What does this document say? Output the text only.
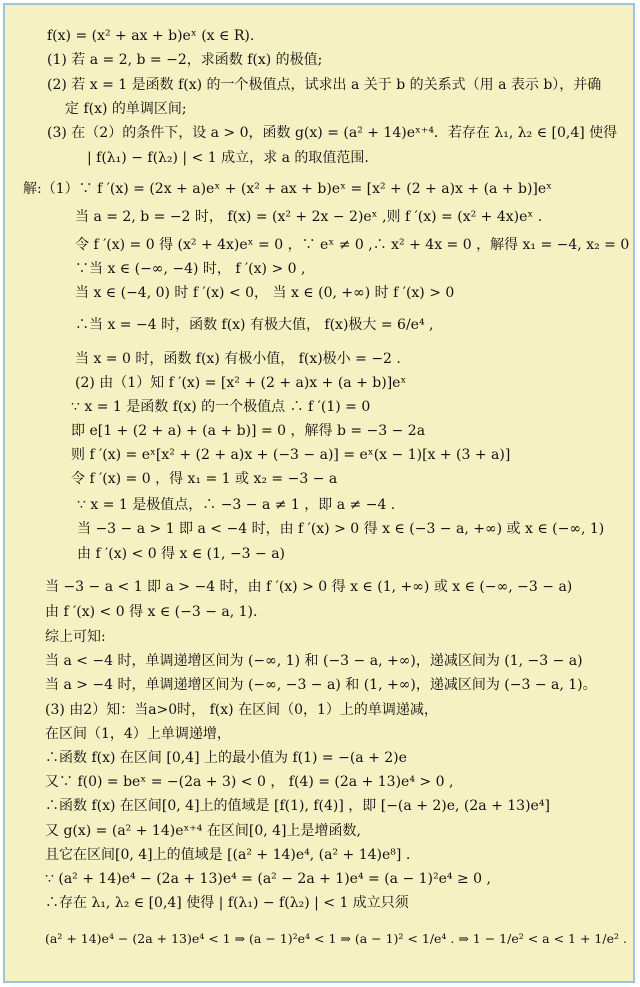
f(x) = (x² + ax + b)eˣ (x ∈ R).
(1) 若 a = 2, b = −2，求函数 f(x) 的极值;
(2) 若 x = 1 是函数 f(x) 的一个极值点，试求出 a 关于 b 的关系式（用 a 表示 b），并确
定 f(x) 的单调区间;
(3) 在（2）的条件下，设 a > 0，函数 g(x) = (a² + 14)eˣ⁺⁴．若存在 λ₁, λ₂ ∈ [0,4] 使得
| f(λ₁) − f(λ₂) | < 1 成立，求 a 的取值范围.
解:（1）∵ f ′(x) = (2x + a)eˣ + (x² + ax + b)eˣ = [x² + (2 + a)x + (a + b)]eˣ
当 a = 2, b = −2 时， f(x) = (x² + 2x − 2)eˣ ,则 f ′(x) = (x² + 4x)eˣ .
令 f ′(x) = 0 得 (x² + 4x)eˣ = 0 ，∵ eˣ ≠ 0 ,∴ x² + 4x = 0 ，解得 x₁ = −4, x₂ = 0
∵当 x ∈ (−∞, −4) 时， f ′(x) > 0 ,
当 x ∈ (−4, 0) 时 f ′(x) < 0， 当 x ∈ (0, +∞) 时 f ′(x) > 0
∴当 x = −4 时，函数 f(x) 有极大值， f(x)极大 = 6/e⁴ ,
当 x = 0 时，函数 f(x) 有极小值， f(x)极小 = −2 .
(2) 由（1）知 f ′(x) = [x² + (2 + a)x + (a + b)]eˣ
∵ x = 1 是函数 f(x) 的一个极值点 ∴ f ′(1) = 0
即 e[1 + (2 + a) + (a + b)] = 0 ，解得 b = −3 − 2a
则 f ′(x) = eˣ[x² + (2 + a)x + (−3 − a)] = eˣ(x − 1)[x + (3 + a)]
令 f ′(x) = 0 ，得 x₁ = 1 或 x₂ = −3 − a
∵ x = 1 是极值点，∴ −3 − a ≠ 1 ，即 a ≠ −4 .
当 −3 − a > 1 即 a < −4 时，由 f ′(x) > 0 得 x ∈ (−3 − a, +∞) 或 x ∈ (−∞, 1)
由 f ′(x) < 0 得 x ∈ (1, −3 − a)
当 −3 − a < 1 即 a > −4 时，由 f ′(x) > 0 得 x ∈ (1, +∞) 或 x ∈ (−∞, −3 − a)
由 f ′(x) < 0 得 x ∈ (−3 − a, 1).
综上可知:
当 a < −4 时，单调递增区间为 (−∞, 1) 和 (−3 − a, +∞)，递减区间为 (1, −3 − a)
当 a > −4 时，单调递增区间为 (−∞, −3 − a) 和 (1, +∞)，递减区间为 (−3 − a, 1)。
(3) 由2）知：当a>0时， f(x) 在区间（0，1）上的单调递减，
在区间（1，4）上单调递增，
∴函数 f(x) 在区间 [0,4] 上的最小值为 f(1) = −(a + 2)e
又∵ f(0) = beˣ = −(2a + 3) < 0 ， f(4) = (2a + 13)e⁴ > 0 ,
∴函数 f(x) 在区间[0, 4]上的值域是 [f(1), f(4)] ，即 [−(a + 2)e, (2a + 13)e⁴]
又 g(x) = (a² + 14)eˣ⁺⁴ 在区间[0, 4]上是增函数,
且它在区间[0, 4]上的值域是 [(a² + 14)e⁴, (a² + 14)e⁸] .
∵ (a² + 14)e⁴ − (2a + 13)e⁴ = (a² − 2a + 1)e⁴ = (a − 1)²e⁴ ≥ 0 ,
∴存在 λ₁, λ₂ ∈ [0,4] 使得 | f(λ₁) − f(λ₂) | < 1 成立只须
(a² + 14)e⁴ − (2a + 13)e⁴ < 1 ⇒ (a − 1)²e⁴ < 1 ⇒ (a − 1)² < 1/e⁴ . ⇒ 1 − 1/e² < a < 1 + 1/e² .
